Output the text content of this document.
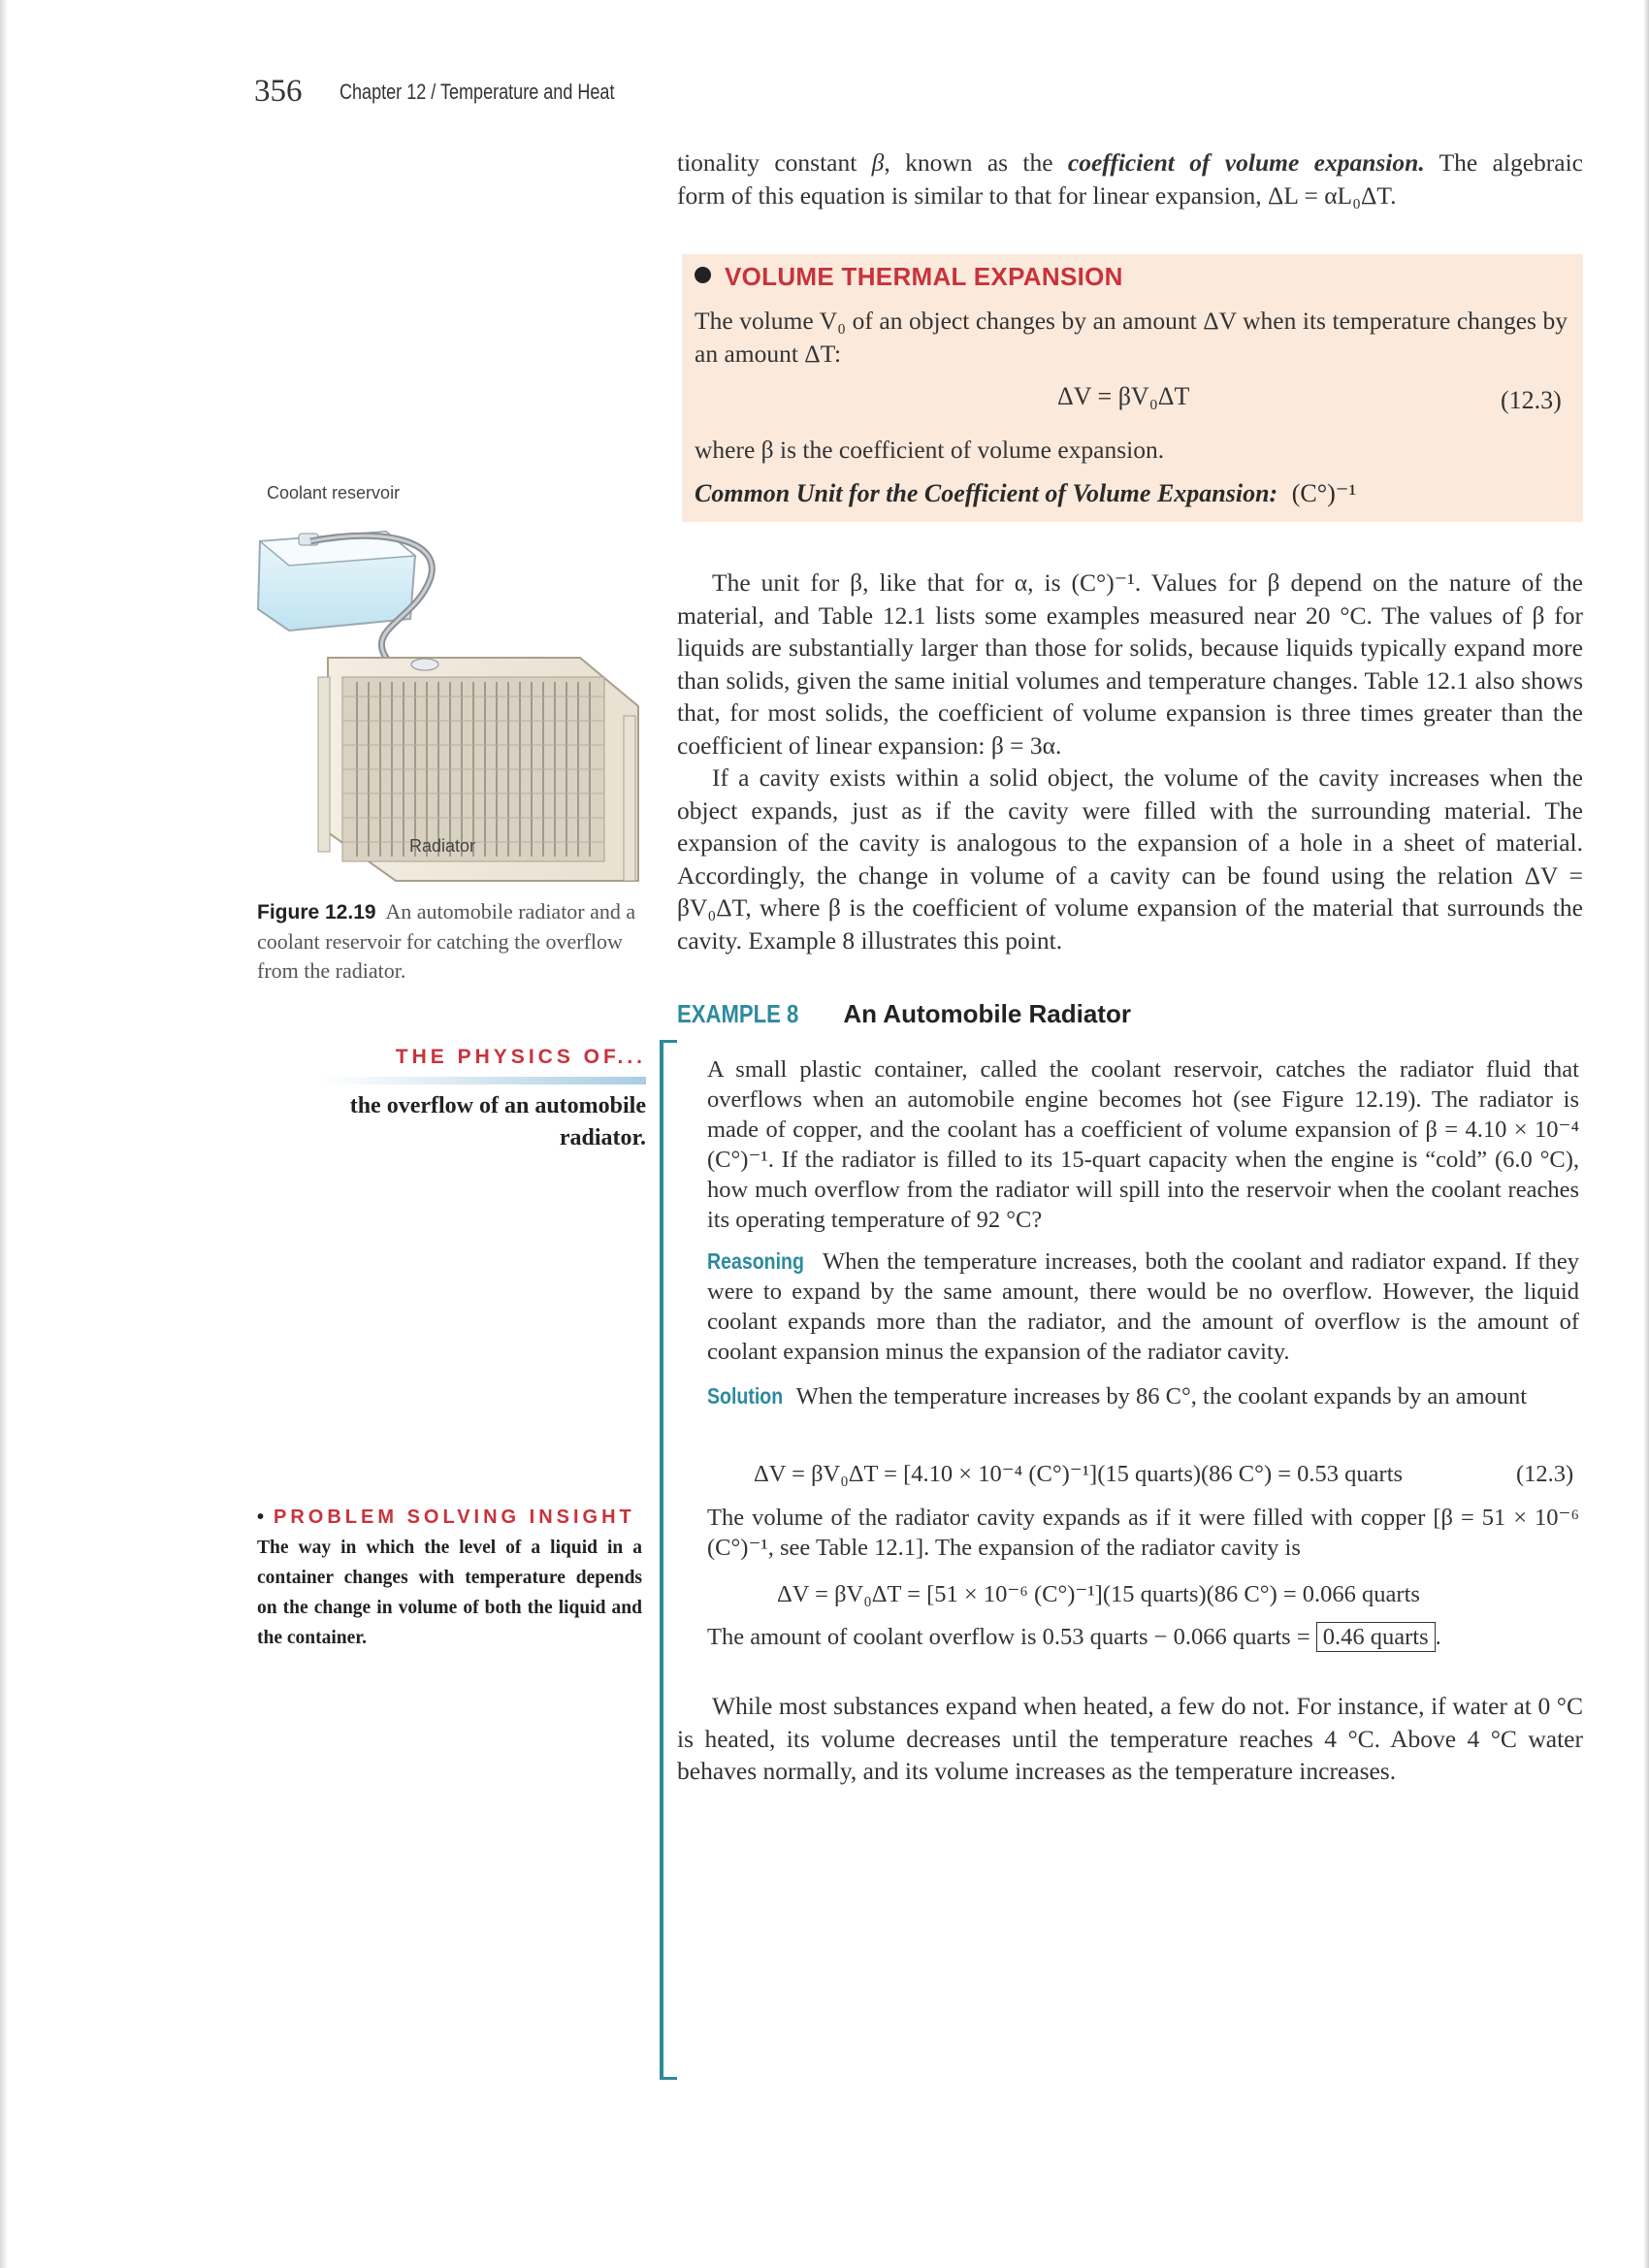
356 Chapter 12 / Temperature and Heat
tionality constant β, known as the coefficient of volume expansion. The algebraic
form of this equation is similar to that for linear expansion, ΔL = αL₀ΔT.
VOLUME THERMAL EXPANSION
The volume V₀ of an object changes by an amount ΔV when its temperature changes by an amount ΔT:
ΔV = βV₀ΔT	(12.3)
where β is the coefficient of volume expansion.
Common Unit for the Coefficient of Volume Expansion: (C°)⁻¹

The unit for β, like that for α, is (C°)⁻¹. Values for β depend on the nature of the material, and Table 12.1 lists some examples measured near 20 °C. The values of β for liquids are substantially larger than those for solids, because liquids typically expand more than solids, given the same initial volumes and temperature changes. Table 12.1 also shows that, for most solids, the coefficient of volume expansion is three times greater than the coefficient of linear expansion: β = 3α.

If a cavity exists within a solid object, the volume of the cavity increases when the object expands, just as if the cavity were filled with the surrounding material. The expansion of the cavity is analogous to the expansion of a hole in a sheet of material. Accordingly, the change in volume of a cavity can be found using the relation ΔV = βV₀ΔT, where β is the coefficient of volume expansion of the material that surrounds the cavity. Example 8 illustrates this point.

Coolant reservoir
Radiator
Figure 12.19 An automobile radiator and a coolant reservoir for catching the overflow from the radiator.
THE PHYSICS OF...
the overflow of an automobile radiator.
• PROBLEM SOLVING INSIGHT
The way in which the level of a liquid in a container changes with temperature depends on the change in volume of both the liquid and the container.
EXAMPLE 8 An Automobile Radiator
A small plastic container, called the coolant reservoir, catches the radiator fluid that overflows when an automobile engine becomes hot (see Figure 12.19). The radiator is made of copper, and the coolant has a coefficient of volume expansion of β = 4.10 × 10⁻⁴ (C°)⁻¹. If the radiator is filled to its 15-quart capacity when the engine is “cold” (6.0 °C), how much overflow from the radiator will spill into the reservoir when the coolant reaches its operating temperature of 92 °C?
Reasoning When the temperature increases, both the coolant and radiator expand. If they were to expand by the same amount, there would be no overflow. However, the liquid coolant expands more than the radiator, and the amount of overflow is the amount of coolant expansion minus the expansion of the radiator cavity.
Solution When the temperature increases by 86 C°, the coolant expands by an amount
ΔV = βV₀ΔT = [4.10 × 10⁻⁴ (C°)⁻¹](15 quarts)(86 C°) = 0.53 quarts	(12.3)
The volume of the radiator cavity expands as if it were filled with copper [β = 51 × 10⁻⁶ (C°)⁻¹, see Table 12.1]. The expansion of the radiator cavity is
ΔV = βV₀ΔT = [51 × 10⁻⁶ (C°)⁻¹](15 quarts)(86 C°) = 0.066 quarts
The amount of coolant overflow is 0.53 quarts − 0.066 quarts = 0.46 quarts .
While most substances expand when heated, a few do not. For instance, if water at 0 °C is heated, its volume decreases until the temperature reaches 4 °C. Above 4 °C water behaves normally, and its volume increases as the temperature increases.
